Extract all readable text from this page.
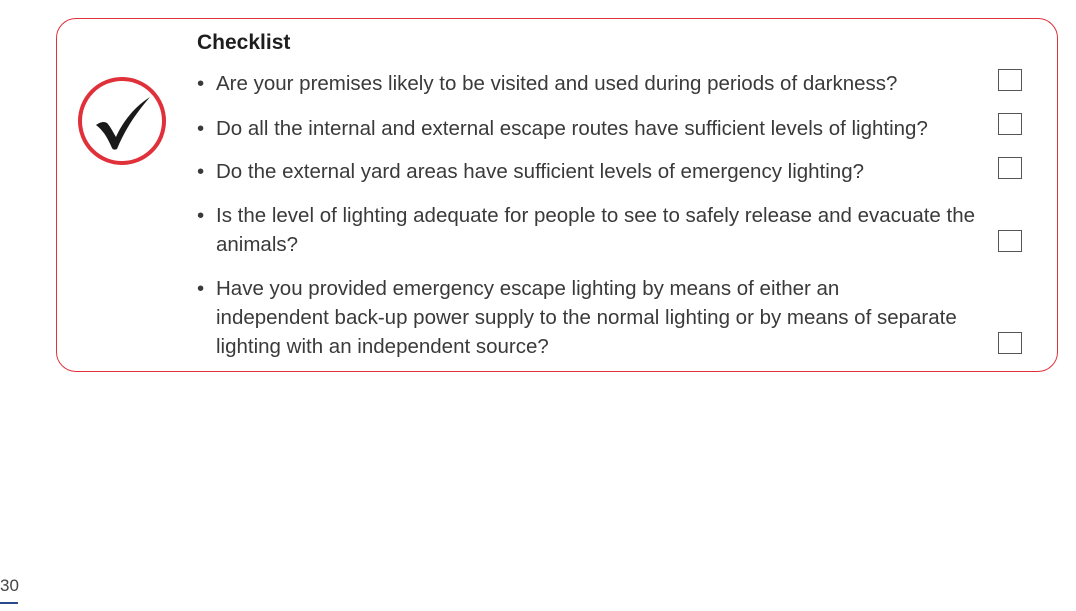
Checklist
• Are your premises likely to be visited and used during periods of darkness?
• Do all the internal and external escape routes have sufficient levels of lighting?
• Do the external yard areas have sufficient levels of emergency lighting?
• Is the level of lighting adequate for people to see to safely release and evacuate the animals?
• Have you provided emergency escape lighting by means of either an independent back-up power supply to the normal lighting or by means of separate lighting with an independent source?
30
